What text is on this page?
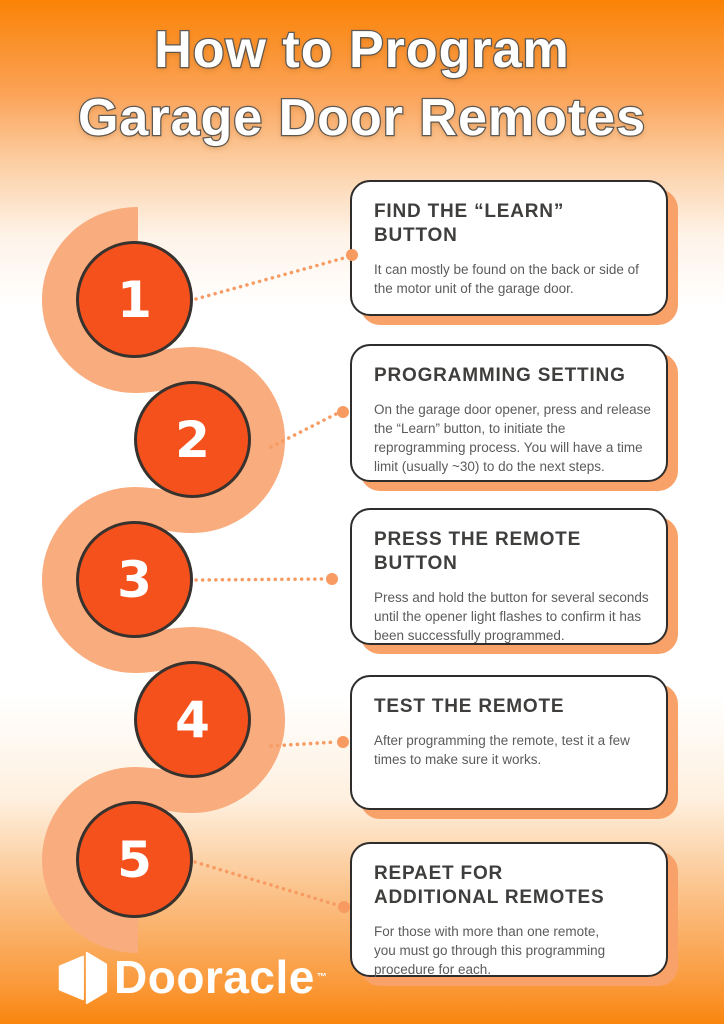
How to Program
Garage Door Remotes
1
2
3
4
5
FIND THE “LEARN” BUTTON

It can mostly be found on the back or side of the motor unit of the garage door.

PROGRAMMING SETTING

On the garage door opener, press and release the “Learn” button, to initiate the reprogramming process. You will have a time limit (usually ~30) to do the next steps.

PRESS THE REMOTE BUTTON

Press and hold the button for several seconds until the opener light flashes to confirm it has been successfully programmed.

TEST THE REMOTE

After programming the remote, test it a few times to make sure it works.

REPAET FOR ADDITIONAL REMOTES

For those with more than one remote, you must go through this programming procedure for each.

Dooracle ™
